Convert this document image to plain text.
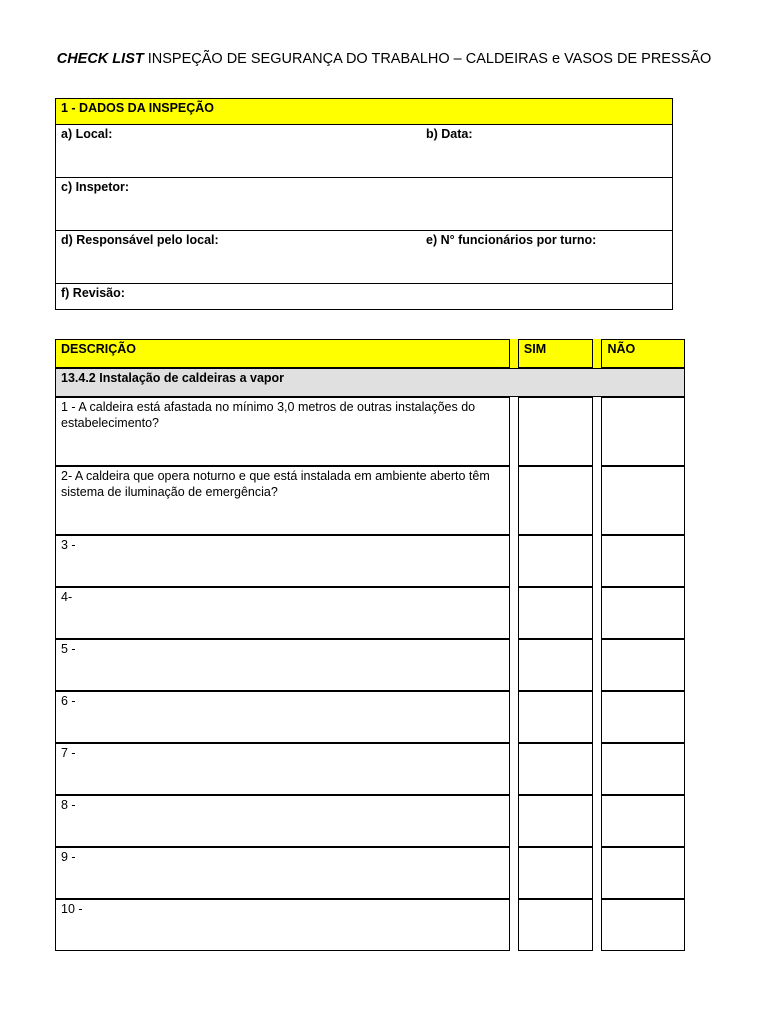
CHECK LIST INSPEÇÃO DE SEGURANÇA DO TRABALHO – CALDEIRAS e VASOS DE PRESSÃO
1 - DADOS DA INSPEÇÃO	

a) Local:	b) Data:

c) Inspetor:	

d) Responsável pelo local:	e) N° funcionários por turno:

f) Revisão:	
DESCRIÇÃO		SIM		NÃO

13.4.2 Instalação de caldeiras a vapor				

1 - A caldeira está afastada no mínimo 3,0 metros de outras instalações do estabelecimento?				

2- A caldeira que opera noturno e que está instalada em ambiente aberto têm sistema de iluminação de emergência?				

3 -				

4-				

5 -				

6 -				

7 -				

8 -				

9 -				

10 -				
